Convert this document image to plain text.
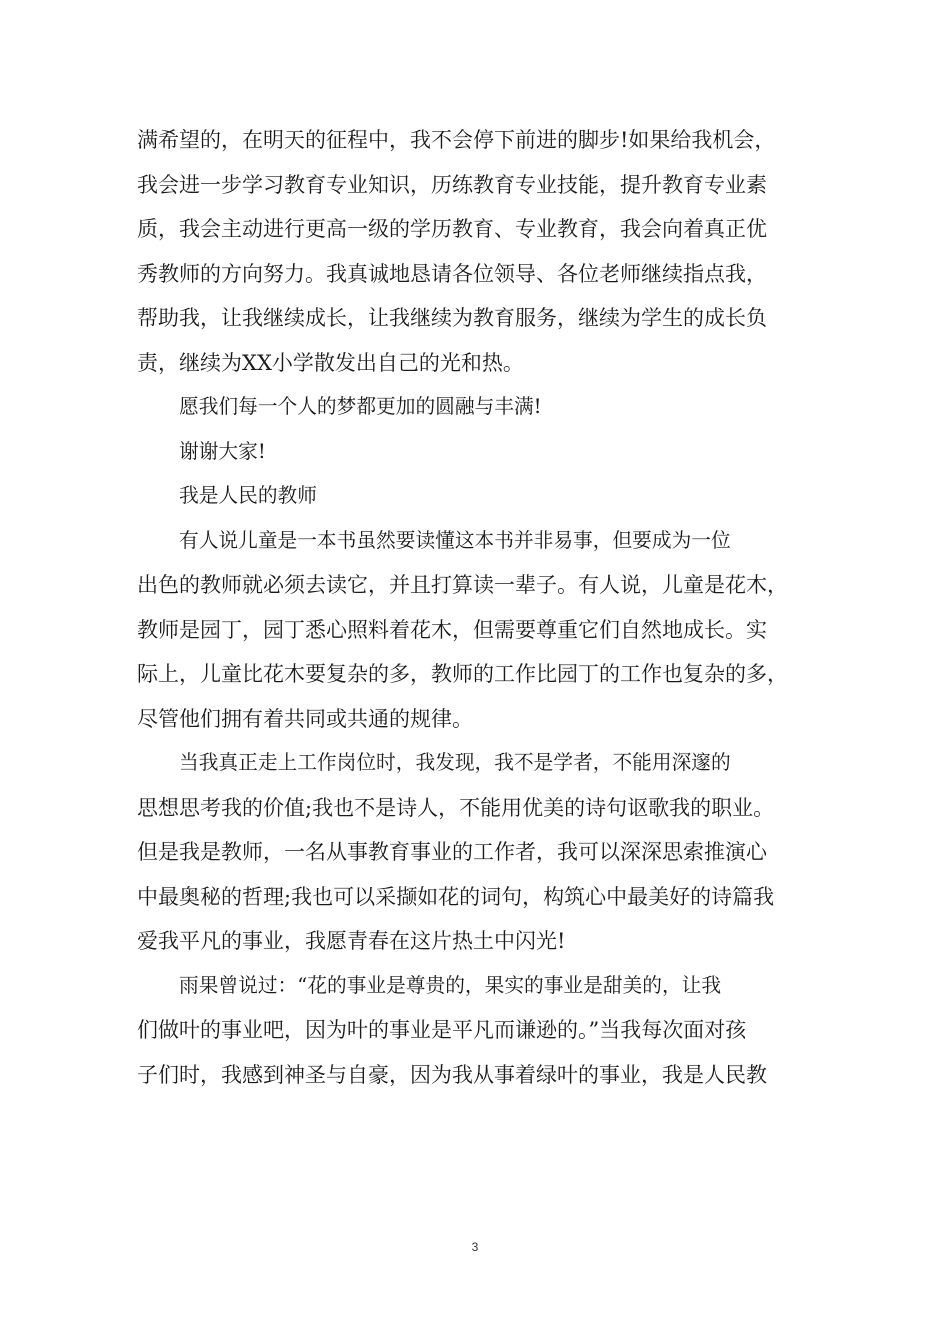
满希望的，在明天的征程中，我不会停下前进的脚步!如果给我机会，
我会进一步学习教育专业知识，历练教育专业技能，提升教育专业素
质，我会主动进行更高一级的学历教育、专业教育，我会向着真正优
秀教师的方向努力。我真诚地恳请各位领导、各位老师继续指点我，
帮助我，让我继续成长，让我继续为教育服务，继续为学生的成长负
责，继续为XX小学散发出自己的光和热。

愿我们每一个人的梦都更加的圆融与丰满!

谢谢大家!

我是人民的教师

有人说儿童是一本书虽然要读懂这本书并非易事，但要成为一位
出色的教师就必须去读它，并且打算读一辈子。有人说，儿童是花木，
教师是园丁，园丁悉心照料着花木，但需要尊重它们自然地成长。实
际上，儿童比花木要复杂的多，教师的工作比园丁的工作也复杂的多，
尽管他们拥有着共同或共通的规律。

当我真正走上工作岗位时，我发现，我不是学者，不能用深邃的
思想思考我的价值;我也不是诗人，不能用优美的诗句讴歌我的职业。
但是我是教师，一名从事教育事业的工作者，我可以深深思索推演心
中最奥秘的哲理;我也可以采撷如花的词句，构筑心中最美好的诗篇我
爱我平凡的事业，我愿青春在这片热土中闪光!

雨果曾说过：“花的事业是尊贵的，果实的事业是甜美的，让我
们做叶的事业吧，因为叶的事业是平凡而谦逊的。”当我每次面对孩
子们时，我感到神圣与自豪，因为我从事着绿叶的事业，我是人民教

3
